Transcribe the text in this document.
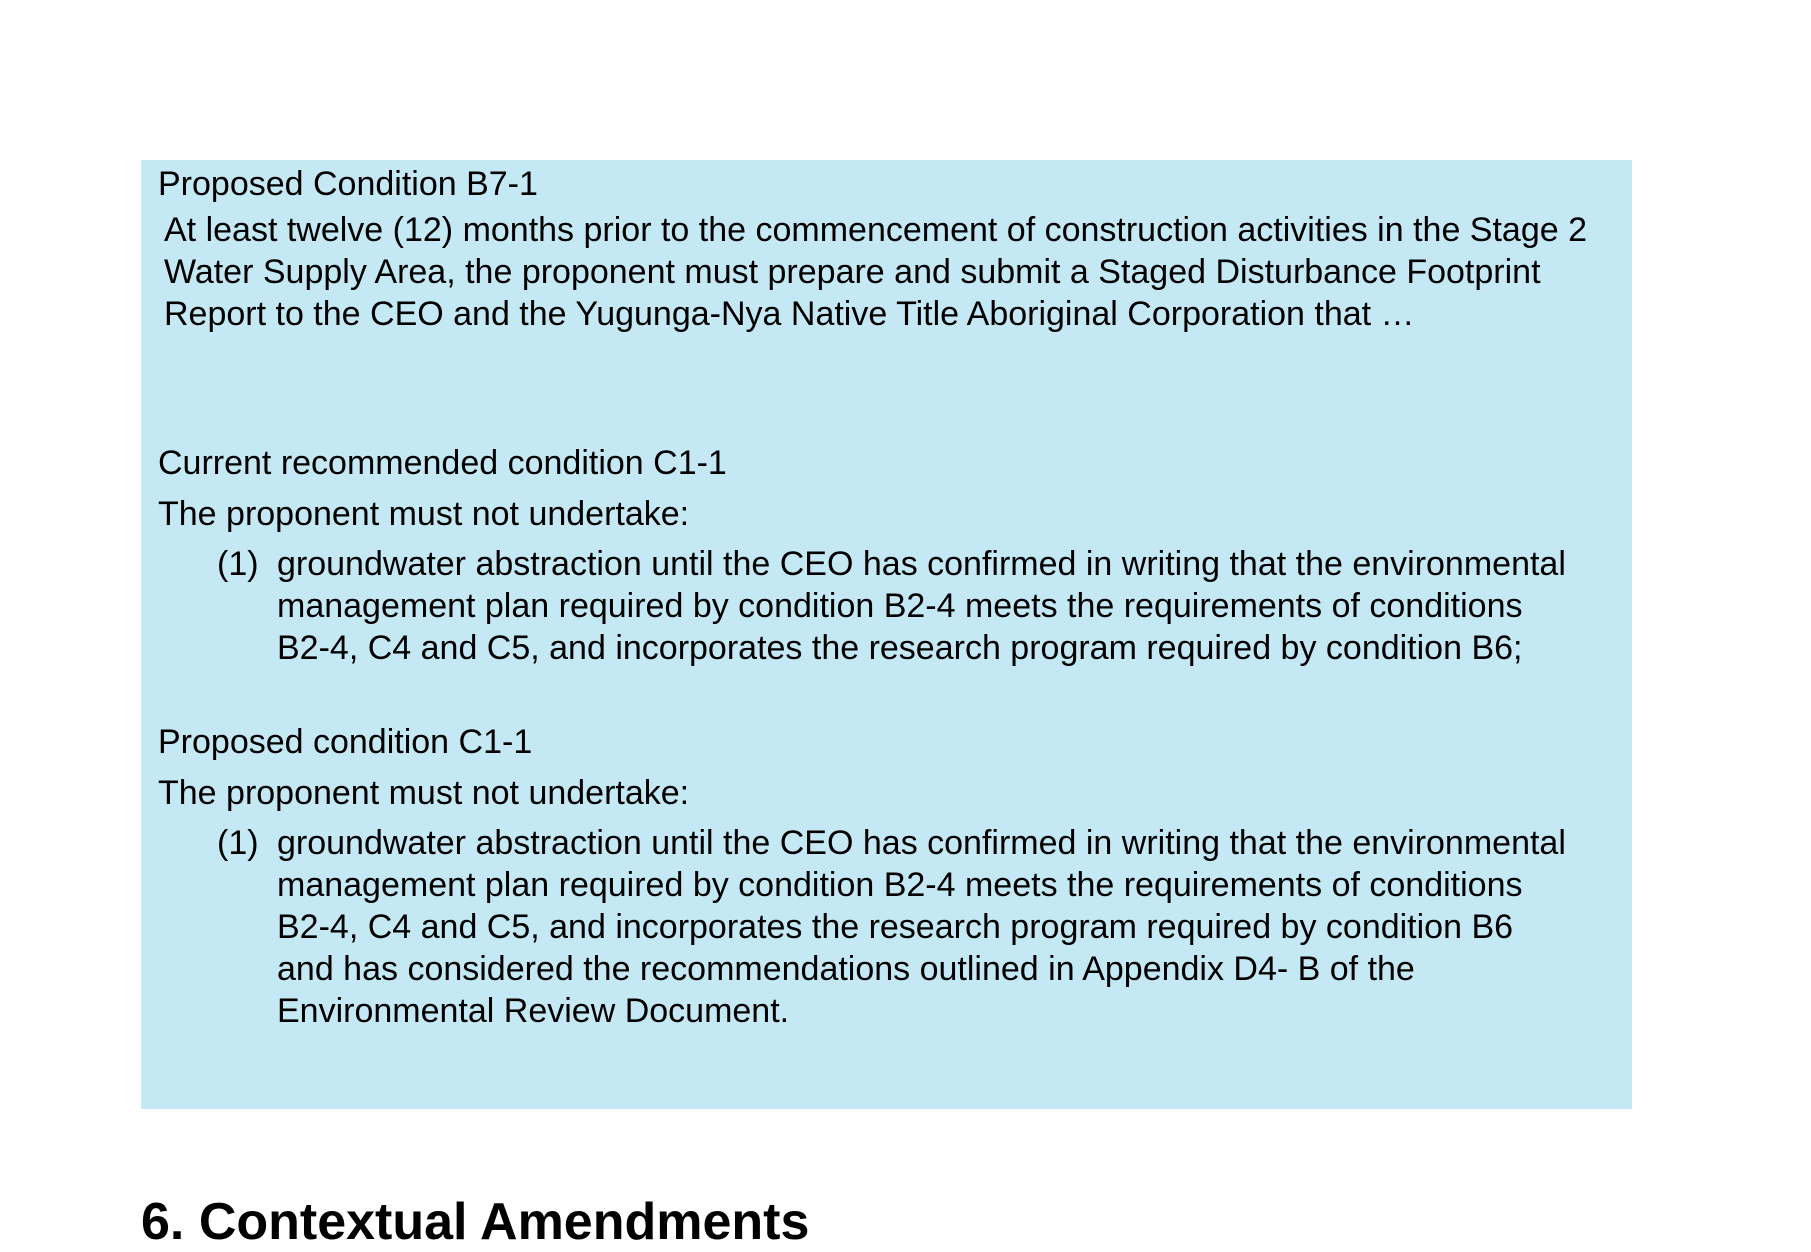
Proposed Condition B7-1
At least twelve (12) months prior to the commencement of construction activities in the Stage 2 Water Supply Area, the proponent must prepare and submit a Staged Disturbance Footprint Report to the CEO and the Yugunga-Nya Native Title Aboriginal Corporation that …
Current recommended condition C1-1
The proponent must not undertake:
(1) groundwater abstraction until the CEO has confirmed in writing that the environmental management plan required by condition B2-4 meets the requirements of conditions B2-4, C4 and C5, and incorporates the research program required by condition B6;
Proposed condition C1-1
The proponent must not undertake:
(1) groundwater abstraction until the CEO has confirmed in writing that the environmental management plan required by condition B2-4 meets the requirements of conditions B2-4, C4 and C5, and incorporates the research program required by condition B6 and has considered the recommendations outlined in Appendix D4- B of the Environmental Review Document.
6. Contextual Amendments
